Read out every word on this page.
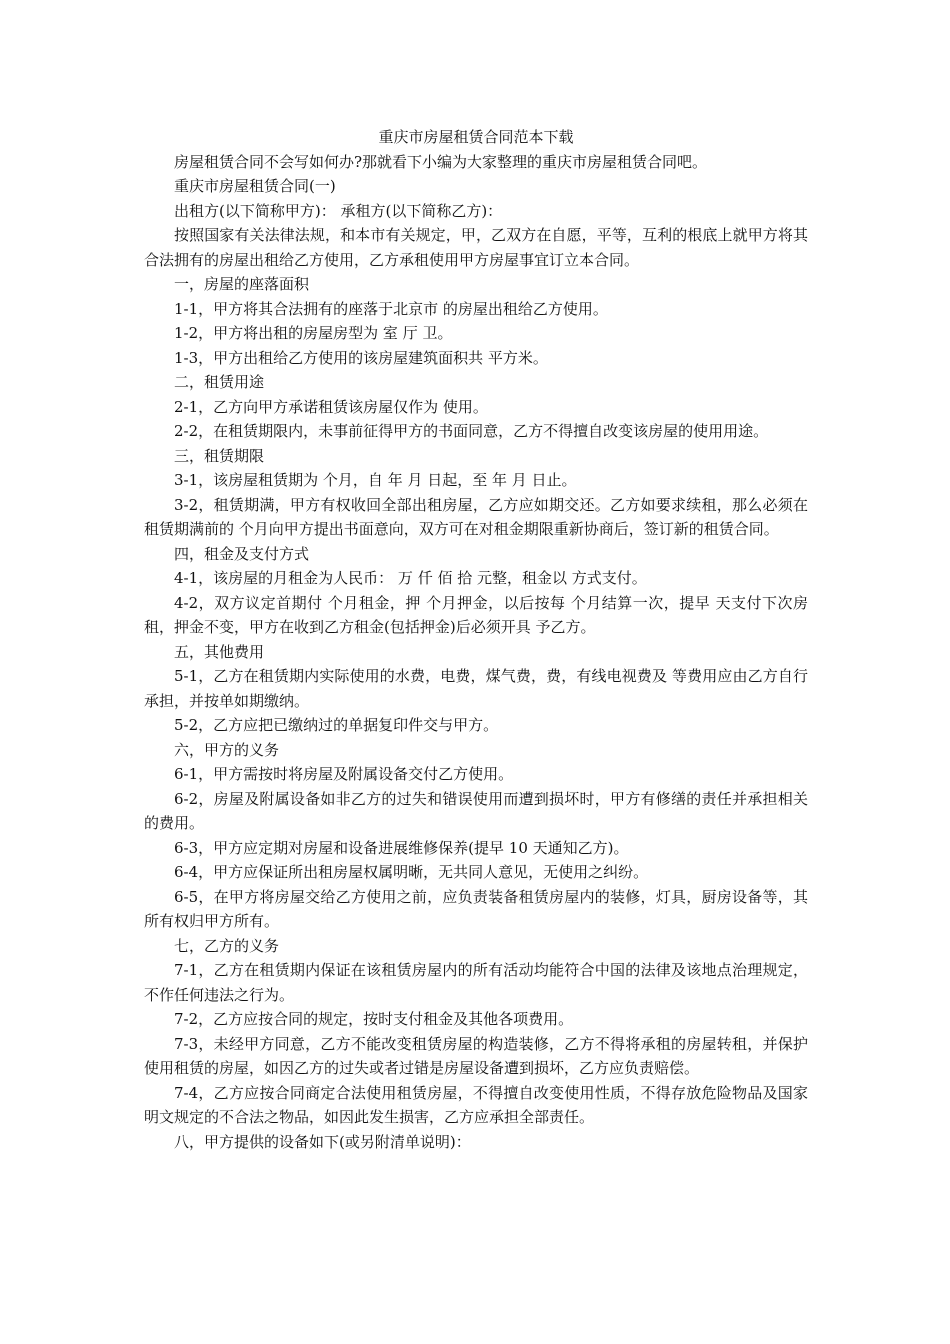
重庆市房屋租赁合同范本下载

房屋租赁合同不会写如何办?那就看下小编为大家整理的重庆市房屋租赁合同吧。

重庆市房屋租赁合同(一)

出租方(以下简称甲方)： 承租方(以下简称乙方)：

按照国家有关法律法规，和本市有关规定，甲，乙双方在自愿，平等，互利的根底上就甲方将其合法拥有的房屋出租给乙方使用，乙方承租使用甲方房屋事宜订立本合同。

一，房屋的座落面积

1-1，甲方将其合法拥有的座落于北京市 的房屋出租给乙方使用。

1-2，甲方将出租的房屋房型为 室 厅 卫。

1-3，甲方出租给乙方使用的该房屋建筑面积共 平方米。

二，租赁用途

2-1，乙方向甲方承诺租赁该房屋仅作为 使用。

2-2，在租赁期限内，未事前征得甲方的书面同意，乙方不得擅自改变该房屋的使用用途。

三，租赁期限

3-1，该房屋租赁期为 个月，自 年 月 日起，至 年 月 日止。

3-2，租赁期满，甲方有权收回全部出租房屋，乙方应如期交还。乙方如要求续租，那么必须在租赁期满前的 个月向甲方提出书面意向，双方可在对租金期限重新协商后，签订新的租赁合同。

四，租金及支付方式

4-1，该房屋的月租金为人民币： 万 仟 佰 拾 元整，租金以 方式支付。

4-2，双方议定首期付 个月租金，押 个月押金，以后按每 个月结算一次，提早 天支付下次房租，押金不变，甲方在收到乙方租金(包括押金)后必须开具 予乙方。

五，其他费用

5-1，乙方在租赁期内实际使用的水费，电费，煤气费，费，有线电视费及 等费用应由乙方自行承担，并按单如期缴纳。

5-2，乙方应把已缴纳过的单据复印件交与甲方。

六，甲方的义务

6-1，甲方需按时将房屋及附属设备交付乙方使用。

6-2，房屋及附属设备如非乙方的过失和错误使用而遭到损坏时，甲方有修缮的责任并承担相关的费用。

6-3，甲方应定期对房屋和设备进展维修保养(提早 10 天通知乙方)。

6-4，甲方应保证所出租房屋权属明晰，无共同人意见，无使用之纠纷。

6-5，在甲方将房屋交给乙方使用之前，应负责装备租赁房屋内的装修，灯具，厨房设备等，其所有权归甲方所有。

七，乙方的义务

7-1，乙方在租赁期内保证在该租赁房屋内的所有活动均能符合中国的法律及该地点治理规定，不作任何违法之行为。

7-2，乙方应按合同的规定，按时支付租金及其他各项费用。

7-3，未经甲方同意，乙方不能改变租赁房屋的构造装修，乙方不得将承租的房屋转租，并保护使用租赁的房屋，如因乙方的过失或者过错是房屋设备遭到损坏，乙方应负责赔偿。

7-4，乙方应按合同商定合法使用租赁房屋，不得擅自改变使用性质，不得存放危险物品及国家明文规定的不合法之物品，如因此发生损害，乙方应承担全部责任。

八，甲方提供的设备如下(或另附清单说明)：
